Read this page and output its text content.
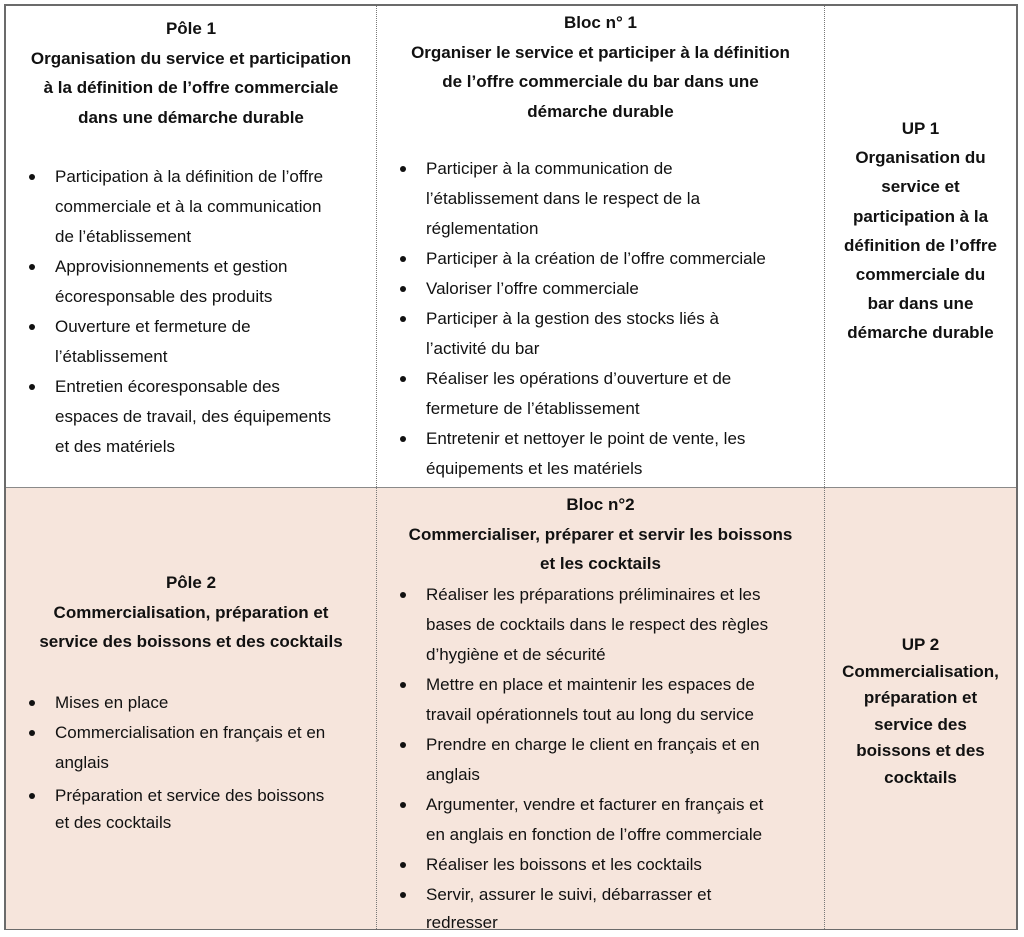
Pôle 1
Organisation du service et participation
à la définition de l’offre commerciale
dans une démarche durable
Participation à la définition de l’offre
commerciale et à la communication
de l’établissement
Approvisionnements et gestion
écoresponsable des produits
Ouverture et fermeture de
l’établissement
Entretien écoresponsable des
espaces de travail, des équipements
et des matériels
Bloc n° 1
Organiser le service et participer à la définition
de l’offre commerciale du bar dans une
démarche durable
Participer à la communication de
l’établissement dans le respect de la
réglementation
Participer à la création de l’offre commerciale
Valoriser l’offre commerciale
Participer à la gestion des stocks liés à
l’activité du bar
Réaliser les opérations d’ouverture et de
fermeture de l’établissement
Entretenir et nettoyer le point de vente, les
équipements et les matériels
UP 1
Organisation du
service et
participation à la
définition de l’offre
commerciale du
bar dans une
démarche durable
Pôle 2
Commercialisation, préparation et
service des boissons et des cocktails
Mises en place
Commercialisation en français et en
anglais
Préparation et service des boissons
et des cocktails
Bloc n°2
Commercialiser, préparer et servir les boissons
et les cocktails
Réaliser les préparations préliminaires et les
bases de cocktails dans le respect des règles
d’hygiène et de sécurité
Mettre en place et maintenir les espaces de
travail opérationnels tout au long du service
Prendre en charge le client en français et en
anglais
Argumenter, vendre et facturer en français et
en anglais en fonction de l’offre commerciale
Réaliser les boissons et les cocktails
Servir, assurer le suivi, débarrasser et
redresser
UP 2
Commercialisation,
préparation et
service des
boissons et des
cocktails
